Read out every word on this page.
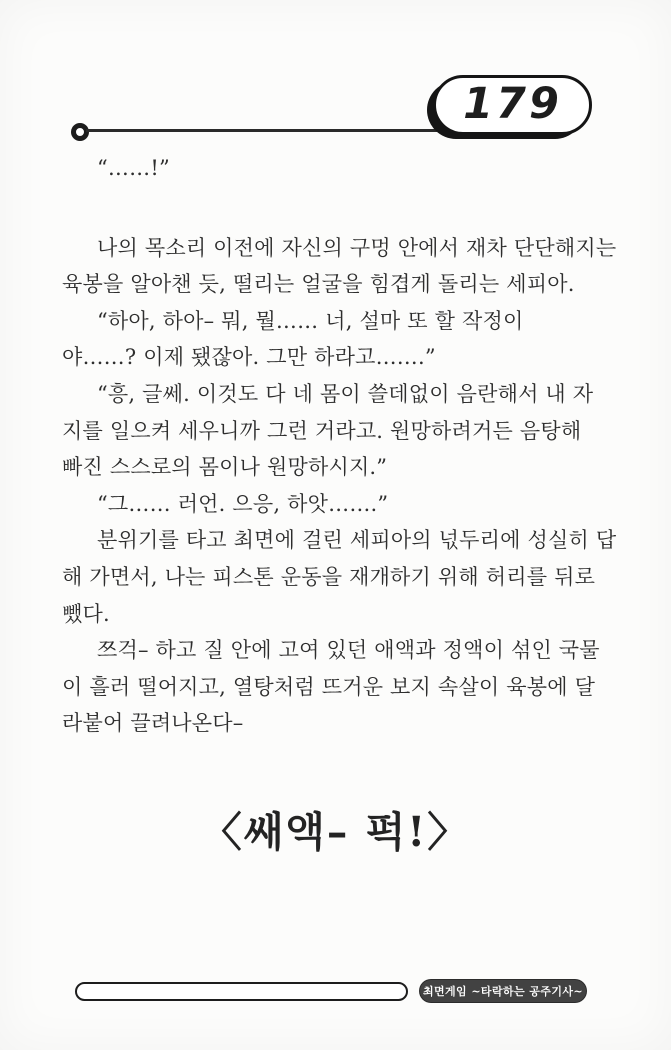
179
“……!”
나의 목소리 이전에 자신의 구멍 안에서 재차 단단해지는
육봉을 알아챈 듯, 떨리는 얼굴을 힘겹게 돌리는 세피아.
“하아, 하아– 뭐, 뭘…… 너, 설마 또 할 작정이
야……? 이제 됐잖아. 그만 하라고…….”
“흥, 글쎄. 이것도 다 네 몸이 쓸데없이 음란해서 내 자
지를 일으켜 세우니까 그런 거라고. 원망하려거든 음탕해
빠진 스스로의 몸이나 원망하시지.”
“그…… 러언. 으응, 하앗…….”
분위기를 타고 최면에 걸린 세피아의 넋두리에 성실히 답
해 가면서, 나는 피스톤 운동을 재개하기 위해 허리를 뒤로
뺐다.
쯔걱– 하고 질 안에 고여 있던 애액과 정액이 섞인 국물
이 흘러 떨어지고, 열탕처럼 뜨거운 보지 속살이 육봉에 달
라붙어 끌려나온다–
〈쌔액– 퍽!〉
최면게임 ~타락하는 공주기사~
